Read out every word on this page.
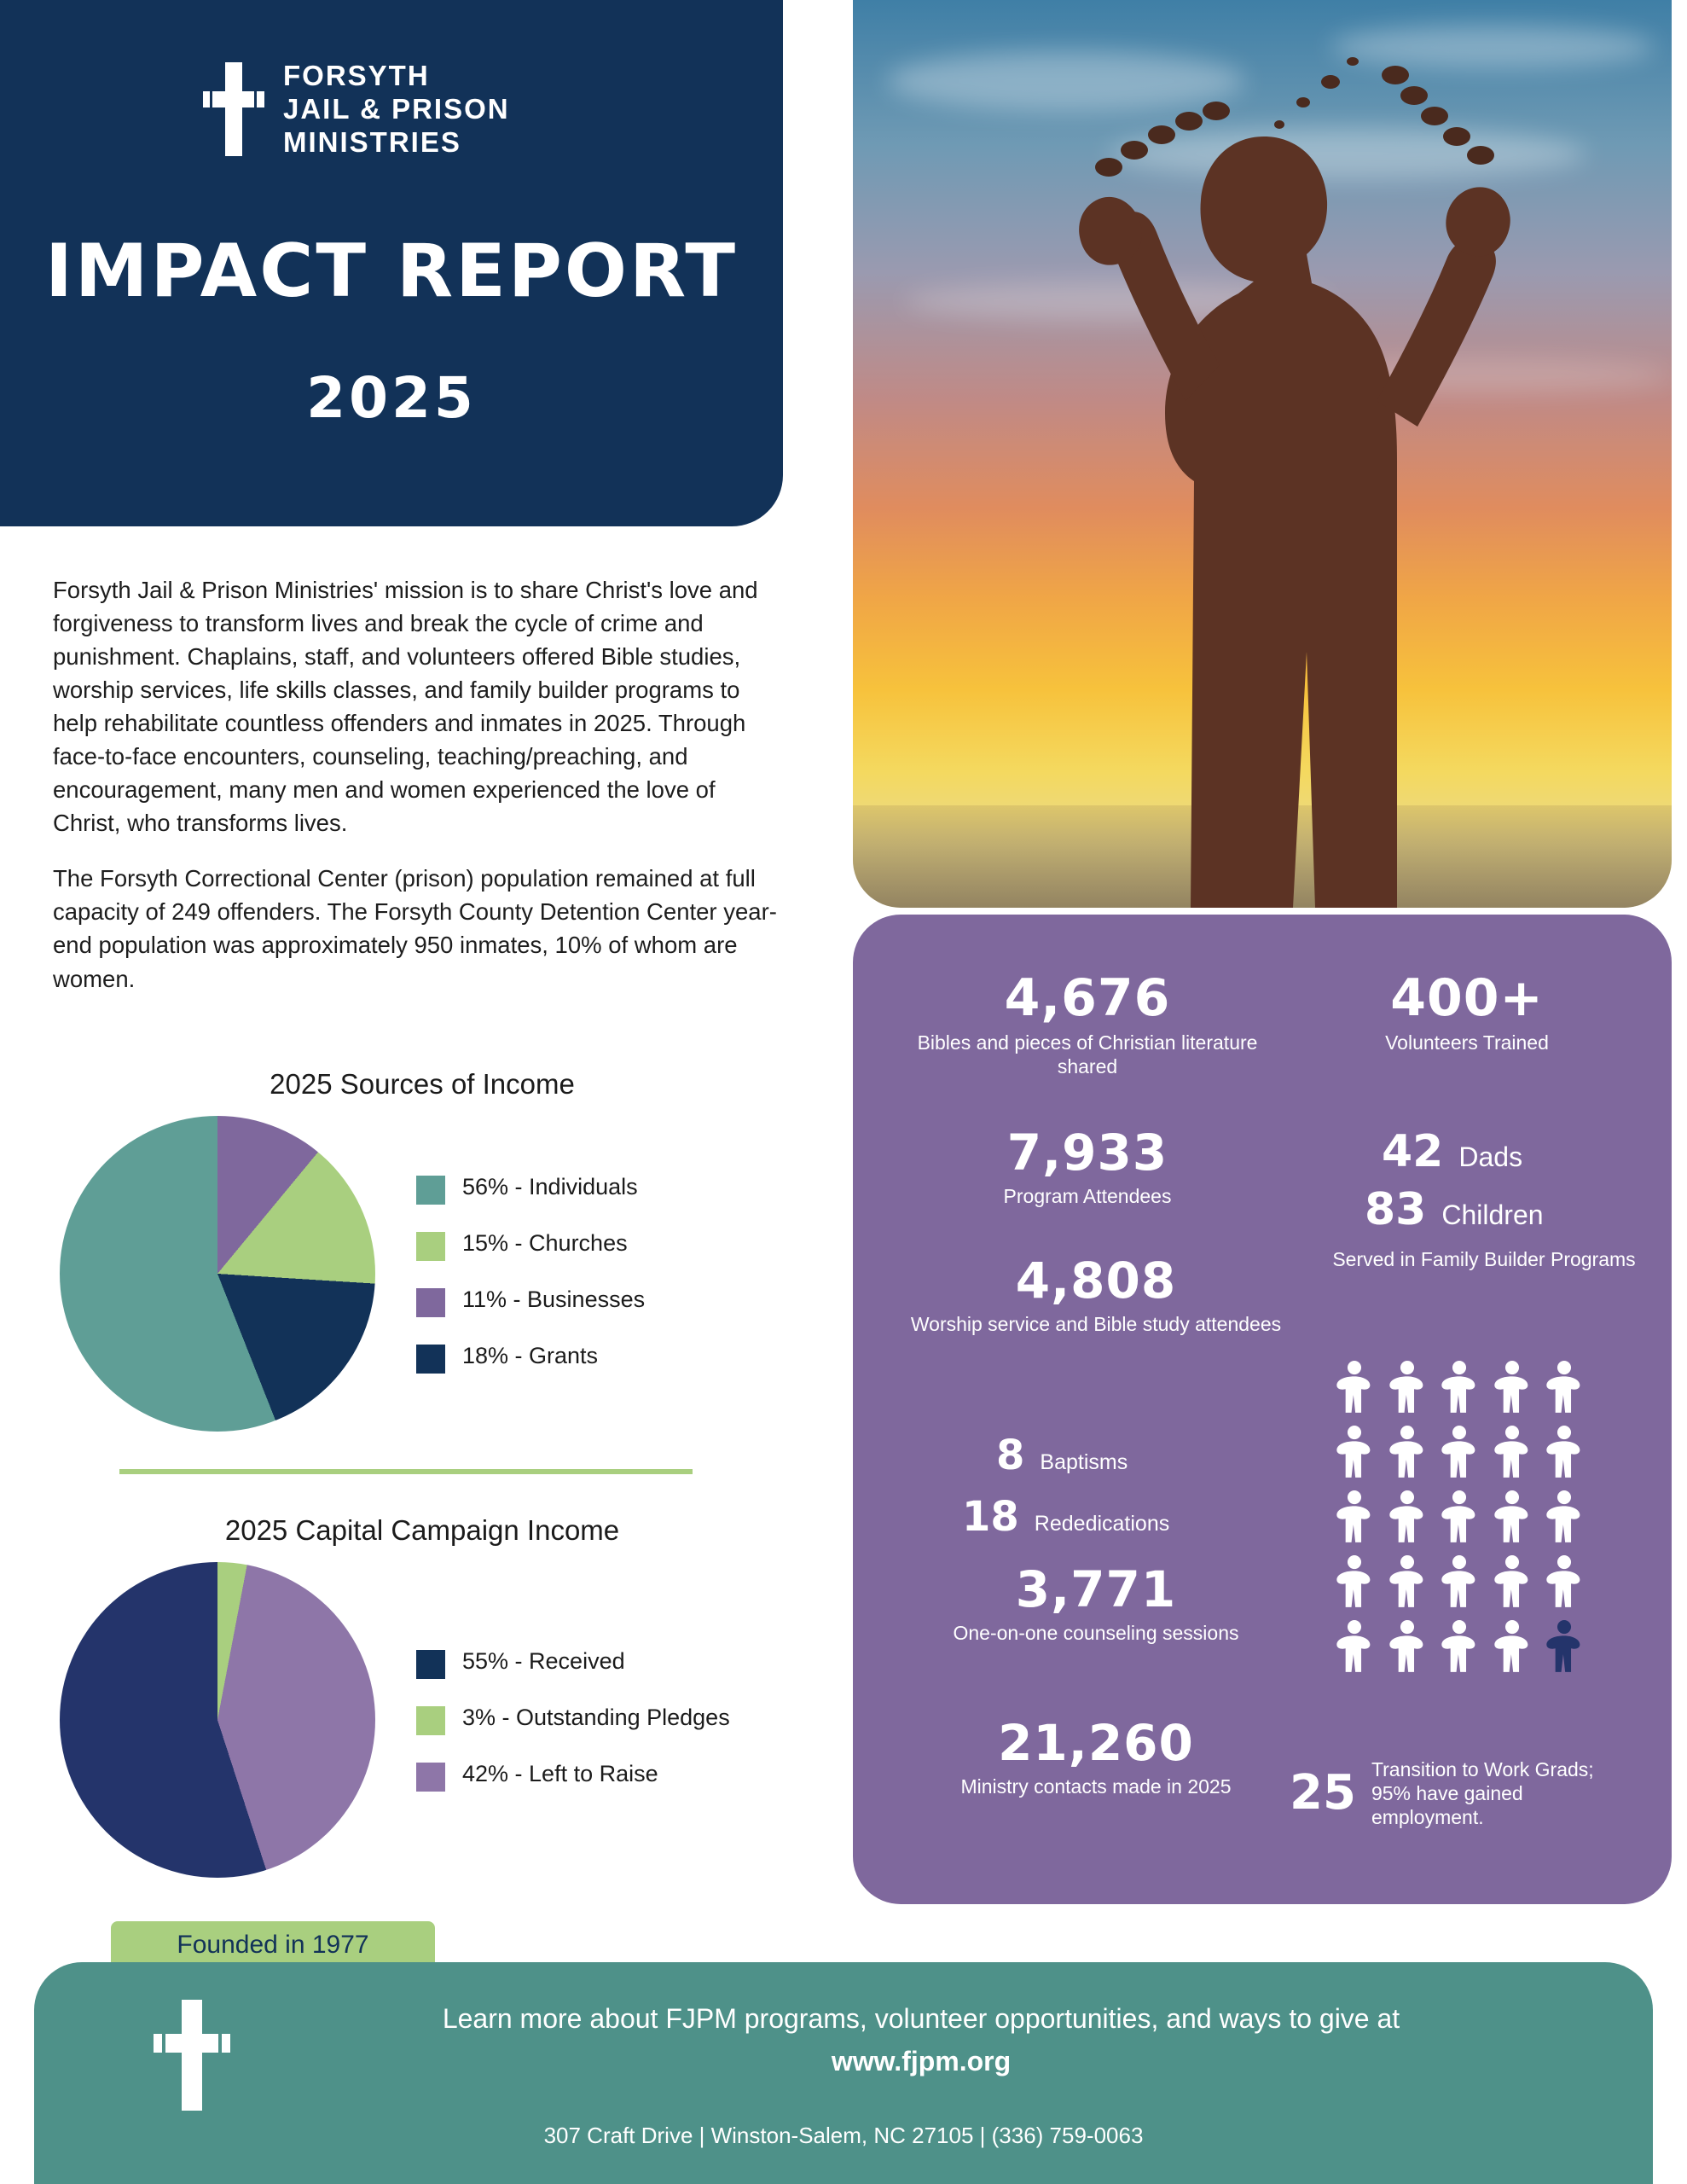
FORSYTH
JAIL & PRISON
MINISTRIES
IMPACT REPORT
2025

Forsyth Jail & Prison Ministries' mission is to share Christ's love and forgiveness to transform lives and break the cycle of crime and punishment. Chaplains, staff, and volunteers offered Bible studies, worship services, life skills classes, and family builder programs to help rehabilitate countless offenders and inmates in 2025. Through face-to-face encounters, counseling, teaching/preaching, and encouragement, many men and women experienced the love of Christ, who transforms lives.

The Forsyth Correctional Center (prison) population remained at full capacity of 249 offenders. The Forsyth County Detention Center year-end population was approximately 950 inmates, 10% of whom are women.

2025 Sources of Income
56% - Individuals
15% - Churches
11% - Businesses
18% - Grants
2025 Capital Campaign Income
55% - Received
3% - Outstanding Pledges
42% - Left to Raise
Founded in 1977
4,676
Bibles and pieces of Christian literature shared
400+
Volunteers Trained
7,933
Program Attendees
42 Dads
83 Children
Served in Family Builder Programs
4,808
Worship service and Bible study attendees
8 Baptisms
18 Rededications
3,771
One-on-one counseling sessions
21,260
Ministry contacts made in 2025	25 Transition to Work Grads; 95% have gained employment.
Learn more about FJPM programs, volunteer opportunities, and ways to give at
www.fjpm.org
307 Craft Drive | Winston-Salem, NC 27105 | (336) 759-0063
